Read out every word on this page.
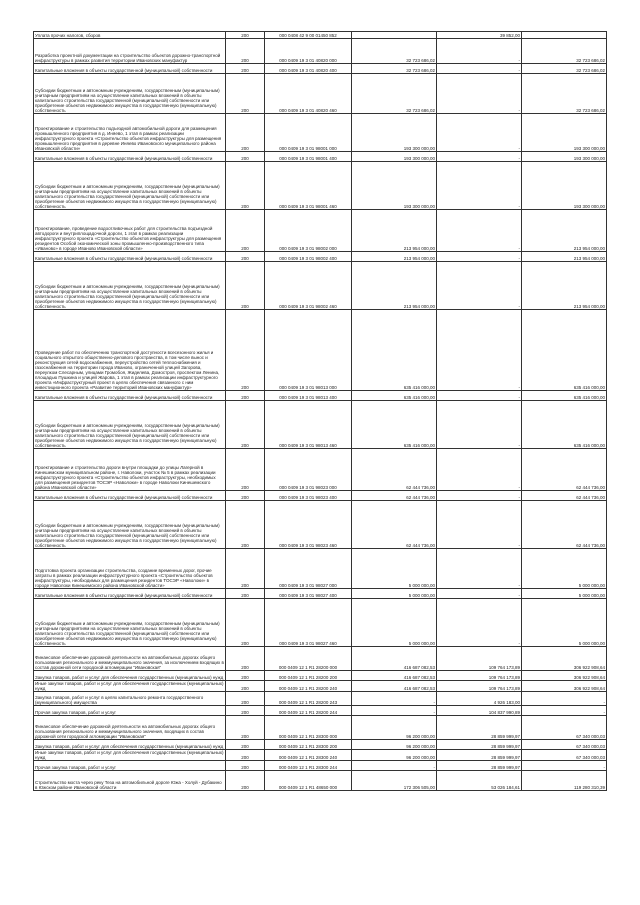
Уплата прочих налогов, сборов	200	000 0408 42 9 00 01450 852		39 852,00	
Разработка проектной документации на строительство объектов дорожно-транспортной инфраструктуры в рамках развития территории Ивановских мануфактур	200	000 0409 19 3 01 40820 000	32 723 686,02	-	32 723 686,02
Капитальные вложения в объекты государственной (муниципальной) собственности	200	000 0409 19 3 01 40820 400	32 723 686,02	-	32 723 686,02
Субсидии бюджетным и автономным учреждениям, государственным (муниципальным) унитарным предприятиям на осуществление капитальных вложений в объекты капитального строительства государственной (муниципальной) собственности или приобретение объектов недвижимого имущества в государственную (муниципальную) собственность	200	000 0409 19 3 01 40820 460	32 723 686,02	-	32 723 686,02
Проектирование и строительство подъездной автомобильной дороги для размещения промышленного предприятия в д. Иняево, 1 этап в рамках реализации инфраструктурного проекта «Строительство объектов инфраструктуры для размещения промышленного предприятия в деревне Иняево Ивановского муниципального района Ивановской области»	200	000 0409 19 3 01 98001 000	193 300 000,00	-	193 300 000,00
Капитальные вложения в объекты государственной (муниципальной) собственности	200	000 0409 19 3 01 98001 400	193 300 000,00	-	193 300 000,00
Субсидии бюджетным и автономным учреждениям, государственным (муниципальным) унитарным предприятиям на осуществление капитальных вложений в объекты капитального строительства государственной (муниципальной) собственности или приобретение объектов недвижимого имущества в государственную (муниципальную) собственность	200	000 0409 19 3 01 98001 460	193 300 000,00	-	193 300 000,00
Проектирование, проведение водоотливочных работ для строительства подъездной автодороги и внутриплощадочной дороги, 1 этап в рамках реализации инфраструктурного проекта «Строительство объектов инфраструктуры для размещения резидентов Особой экономической зоны промышленно-производственного типа «Иваново» в городе Иваново Ивановской области»	200	000 0409 19 3 01 98002 000	213 954 000,00	-	213 954 000,00
Капитальные вложения в объекты государственной (муниципальной) собственности	200	000 0409 19 3 01 98002 400	213 954 000,00	-	213 954 000,00
Субсидии бюджетным и автономным учреждениям, государственным (муниципальным) унитарным предприятиям на осуществление капитальных вложений в объекты капитального строительства государственной (муниципальной) собственности или приобретение объектов недвижимого имущества в государственную (муниципальную) собственность	200	000 0409 19 3 01 98002 460	213 954 000,00	-	213 954 000,00
Проведение работ по обеспечению транспортной доступности всесезонного жилья и социального открытого общественно-делового пространства, в том числе вынос и реконструкция сетей водоснабжения, переустройство сетей теплоснабжения и газоснабжения на территории города Иваново, ограниченной улицей Загорова, переулком Слесарным, улицами Громобоя, Жиделева, Домостроя, проспектом Ленина, площадью Пушкина и улицей Жарова, 1 этап в рамках реализации инфраструктурного проекта «Инфраструктурный проект в целях обеспечения связанного с ним инвестиционного проекта «Развитие территорий Ивановских мануфактур»	200	000 0409 19 3 01 98013 000	635 416 000,00	-	635 416 000,00
Капитальные вложения в объекты государственной (муниципальной) собственности	200	000 0409 19 3 01 98013 400	635 416 000,00	-	635 416 000,00
Субсидии бюджетным и автономным учреждениям, государственным (муниципальным) унитарным предприятиям на осуществление капитальных вложений в объекты капитального строительства государственной (муниципальной) собственности или приобретение объектов недвижимого имущества в государственную (муниципальную) собственность	200	000 0409 19 3 01 98013 460	635 416 000,00	-	635 416 000,00
Проектирование и строительство дороги внутри площадки до улицы Лагерной в Кинешемском муниципальном районе, г. Наволоки, участок № 5 в рамках реализации инфраструктурного проекта «Строительство объектов инфраструктуры, необходимых для размещения резидентов ТОСЭР «Наволоки» в городе Наволоки Кинешемского района Ивановской области»	200	000 0409 19 3 01 98023 000	62 444 736,00	-	62 444 736,00
Капитальные вложения в объекты государственной (муниципальной) собственности	200	000 0409 19 3 01 98023 400	62 444 736,00	-	62 444 736,00
Субсидии бюджетным и автономным учреждениям, государственным (муниципальным) унитарным предприятиям на осуществление капитальных вложений в объекты капитального строительства государственной (муниципальной) собственности или приобретение объектов недвижимого имущества в государственную (муниципальную) собственность	200	000 0409 19 3 01 98023 460	62 444 736,00	-	62 444 736,00
Подготовка проекта организации строительства, создание временных дорог, прочие затраты в рамках реализации инфраструктурного проекта «Строительство объектов инфраструктуры, необходимых для размещения резидентов ТОСЭР «Наволоки» в городе Наволоки Кинешемского района Ивановской области»	200	000 0409 19 3 01 98027 000	5 000 000,00	-	5 000 000,00
Капитальные вложения в объекты государственной (муниципальной) собственности	200	000 0409 19 3 01 98027 400	5 000 000,00	-	5 000 000,00
Субсидии бюджетным и автономным учреждениям, государственным (муниципальным) унитарным предприятиям на осуществление капитальных вложений в объекты капитального строительства государственной (муниципальной) собственности или приобретение объектов недвижимого имущества в государственную (муниципальную) собственность	200	000 0409 19 3 01 98027 460	5 000 000,00	-	5 000 000,00
Финансовое обеспечение дорожной деятельности на автомобильных дорогах общего пользования регионального и межмуниципального значения, за исключением входящих в состав дорожной сети городской агломерации "Ивановская"	200	000 0409 12 1 R1 28200 000	416 687 082,53	109 764 173,89	306 922 908,64
Закупка товаров, работ и услуг для обеспечения государственных (муниципальных) нужд	200	000 0409 12 1 R1 28200 200	416 687 082,53	109 764 173,89	306 922 908,64
Иные закупки товаров, работ и услуг для обеспечения государственных (муниципальных) нужд	200	000 0409 12 1 R1 28200 240	416 687 082,53	109 764 173,89	306 922 908,64
Закупка товаров, работ и услуг в целях капитального ремонта государственного (муниципального) имущества	200	000 0409 12 1 R1 28200 243	-	4 926 183,00	-
Прочая закупка товаров, работ и услуг	200	000 0409 12 1 R1 28200 244	-	104 837 990,89	-
Финансовое обеспечение дорожной деятельности на автомобильных дорогах общего пользования регионального и межмуниципального значения, входящих в состав дорожной сети городской агломерации "Ивановская"	200	000 0409 12 1 R1 28300 000	96 200 000,00	28 859 999,97	67 340 000,03
Закупка товаров, работ и услуг для обеспечения государственных (муниципальных) нужд	200	000 0409 12 1 R1 28300 200	96 200 000,00	28 859 999,97	67 340 000,03
Иные закупки товаров, работ и услуг для обеспечения государственных (муниципальных) нужд	200	000 0409 12 1 R1 28300 240	96 200 000,00	28 859 999,97	67 340 000,03
Прочая закупка товаров, работ и услуг	200	000 0409 12 1 R1 28300 244	-	28 859 999,97	-
Строительство моста через реку Теза на автомобильной дороге Южа - Холуй - Дубакино в Южском районе Ивановской области	200	000 0409 12 1 R1 48650 000	172 306 505,00	53 026 184,61	119 280 310,39
